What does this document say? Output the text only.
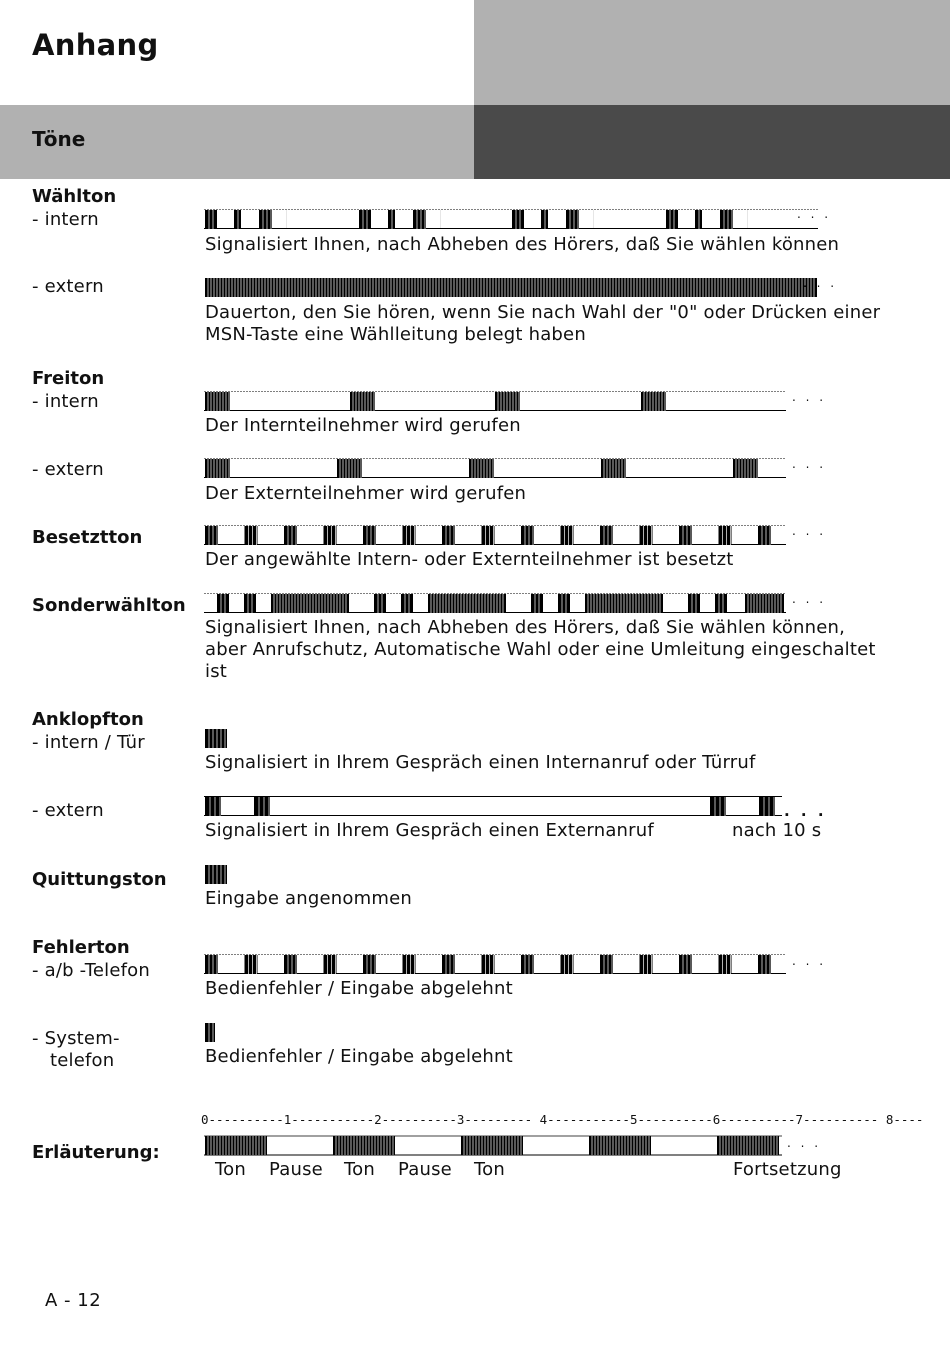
Anhang
Töne
Wählton
- intern	. . .
Signalisiert Ihnen, nach Abheben des Hörers, daß Sie wählen können
- extern	. . .
Dauerton, den Sie hören, wenn Sie nach Wahl der "0" oder Drücken einer MSN-Taste eine Wählleitung belegt haben
Freiton
- intern	. . .
Der Internteilnehmer wird gerufen
- extern	. . .
Der Externteilnehmer wird gerufen
Besetztton	. . .
Der angewählte Intern- oder Externteilnehmer ist besetzt
Sonderwählton	. . .
Signalisiert Ihnen, nach Abheben des Hörers, daß Sie wählen können, aber Anrufschutz, Automatische Wahl oder eine Umleitung eingeschaltet ist
Anklopfton
- intern / Tür
Signalisiert in Ihrem Gespräch einen Internanruf oder Türruf
- extern	. . .
Signalisiert in Ihrem Gespräch einen Externanruf	nach 10 s
Quittungston
Eingabe angenommen
Fehlerton
- a/b -Telefon	. . .
Bedienfehler / Eingabe abgelehnt
- System-
telefon	Bedienfehler / Eingabe abgelehnt
0----------1-----------2----------3--------- 4-----------5----------6----------7---------- 8----
Erläuterung:	. . .
Ton Pause Ton Pause Ton	Fortsetzung
A - 12
